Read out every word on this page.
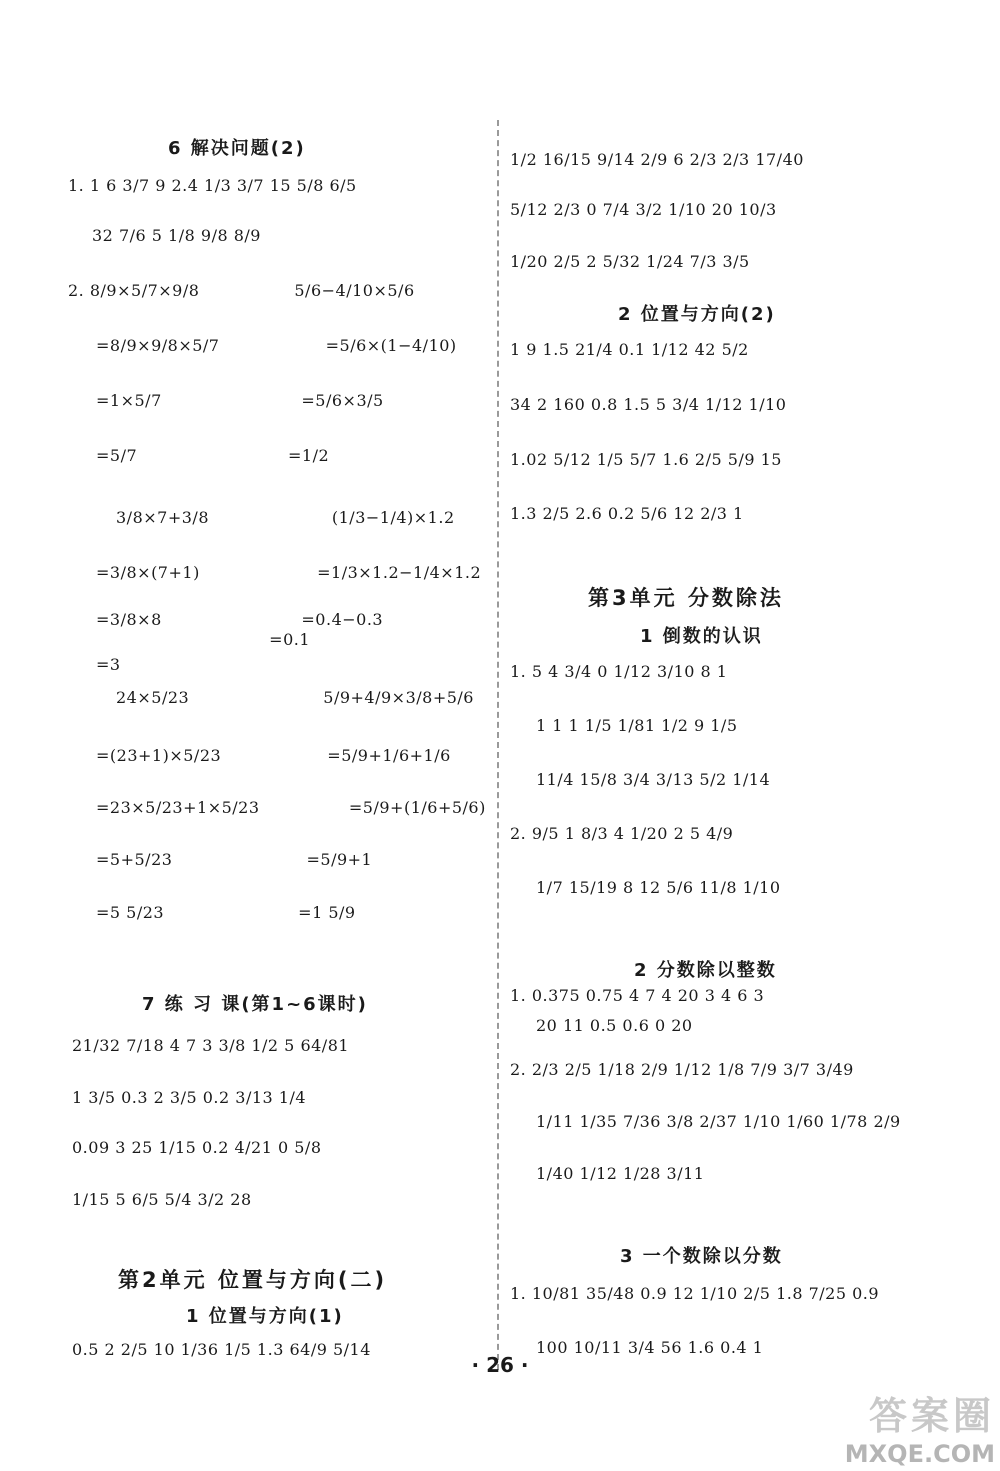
6 解决问题(2)
1. 1 6 3/7 9 2.4 1/3 3/7 15 5/8 6/5
32 7/6 5 1/8 9/8 8/9
2. 8/9×5/7×9/8                 5/6−4/10×5/6
=8/9×9/8×5/7                   =5/6×(1−4/10)
=1×5/7                         =5/6×3/5
=5/7                           =1/2
3/8×7+3/8                      (1/3−1/4)×1.2
=3/8×(7+1)                     =1/3×1.2−1/4×1.2
=3/8×8                         =0.4−0.3
=0.1
=3
24×5/23                        5/9+4/9×3/8+5/6
=(23+1)×5/23                   =5/9+1/6+1/6
=23×5/23+1×5/23                =5/9+(1/6+5/6)
=5+5/23                        =5/9+1
=5 5/23                        =1 5/9
7 练 习 课(第1~6课时)
21/32 7/18 4 7 3 3/8 1/2 5 64/81
1 3/5 0.3 2 3/5 0.2 3/13 1/4
0.09 3 25 1/15 0.2 4/21 0 5/8
1/15 5 6/5 5/4 3/2 28
第2单元 位置与方向(二)
1 位置与方向(1)
0.5 2 2/5 10 1/36 1/5 1.3 64/9 5/14
1/2 16/15 9/14 2/9 6 2/3 2/3 17/40
5/12 2/3 0 7/4 3/2 1/10 20 10/3
1/20 2/5 2 5/32 1/24 7/3 3/5
2 位置与方向(2)
1 9 1.5 21/4 0.1 1/12 42 5/2
34 2 160 0.8 1.5 5 3/4 1/12 1/10
1.02 5/12 1/5 5/7 1.6 2/5 5/9 15
1.3 2/5 2.6 0.2 5/6 12 2/3 1
第3单元 分数除法
1 倒数的认识
1. 5 4 3/4 0 1/12 3/10 8 1
1 1 1 1/5 1/81 1/2 9 1/5
11/4 15/8 3/4 3/13 5/2 1/14
2. 9/5 1 8/3 4 1/20 2 5 4/9
1/7 15/19 8 12 5/6 11/8 1/10
2 分数除以整数
1. 0.375 0.75 4 7 4 20 3 4 6 3
20 11 0.5 0.6 0 20
2. 2/3 2/5 1/18 2/9 1/12 1/8 7/9 3/7 3/49
1/11 1/35 7/36 3/8 2/37 1/10 1/60 1/78 2/9
1/40 1/12 1/28 3/11
3 一个数除以分数
1. 10/81 35/48 0.9 12 1/10 2/5 1.8 7/25 0.9
100 10/11 3/4 56 1.6 0.4 1
· 26 ·
答案圈
MXQE.COM
